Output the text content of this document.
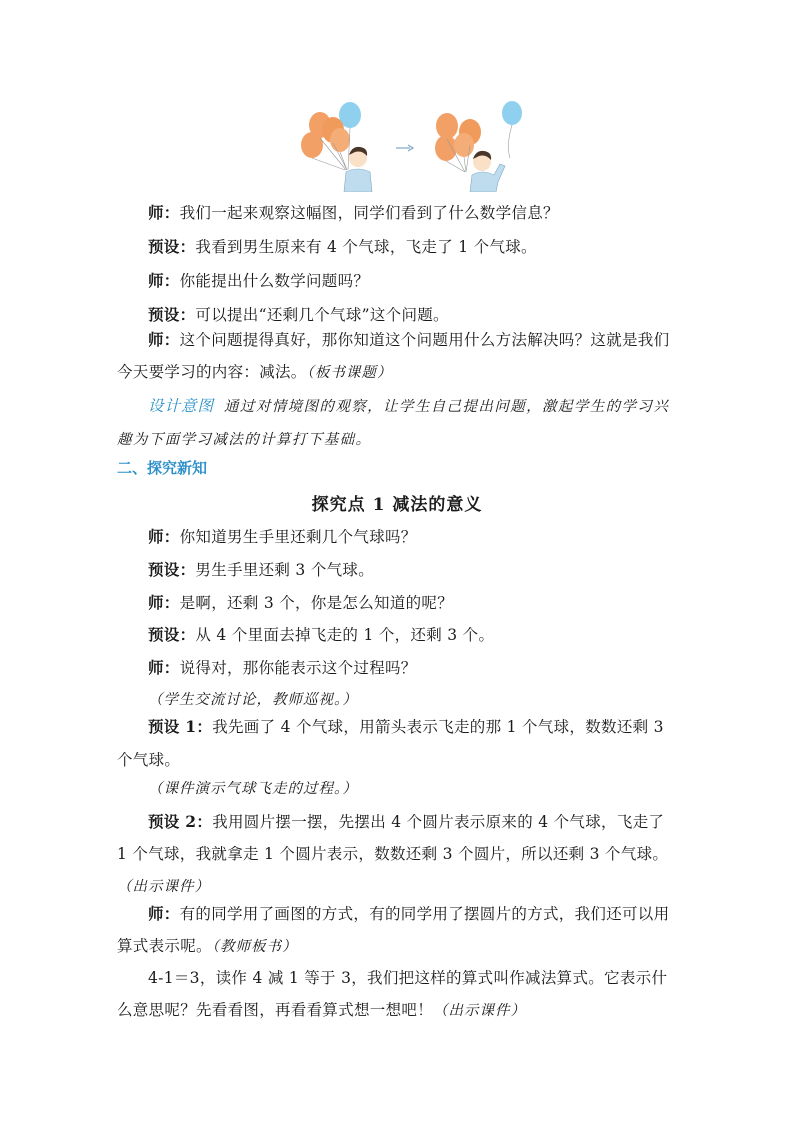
师：我们一起来观察这幅图，同学们看到了什么数学信息？

预设：我看到男生原来有 4 个气球，飞走了 1 个气球。

师：你能提出什么数学问题吗？

预设：可以提出“还剩几个气球”这个问题。

师：这个问题提得真好，那你知道这个问题用什么方法解决吗？这就是我们今天要学习的内容：减法。（板书课题）

设计意图 通过对情境图的观察，让学生自己提出问题，激起学生的学习兴趣为下面学习减法的计算打下基础。

二、探究新知
探究点 1 减法的意义

师：你知道男生手里还剩几个气球吗？

预设：男生手里还剩 3 个气球。

师：是啊，还剩 3 个，你是怎么知道的呢？

预设：从 4 个里面去掉飞走的 1 个，还剩 3 个。

师：说得对，那你能表示这个过程吗？

（学生交流讨论，教师巡视。）

预设 1：我先画了 4 个气球，用箭头表示飞走的那 1 个气球，数数还剩 3 个气球。

（课件演示气球飞走的过程。）

预设 2：我用圆片摆一摆，先摆出 4 个圆片表示原来的 4 个气球，飞走了 1 个气球，我就拿走 1 个圆片表示，数数还剩 3 个圆片，所以还剩 3 个气球。（出示课件）

师：有的同学用了画图的方式，有的同学用了摆圆片的方式，我们还可以用算式表示呢。（教师板书）

4-1＝3，读作 4 减 1 等于 3，我们把这样的算式叫作减法算式。它表示什么意思呢？先看看图，再看看算式想一想吧！（出示课件）
